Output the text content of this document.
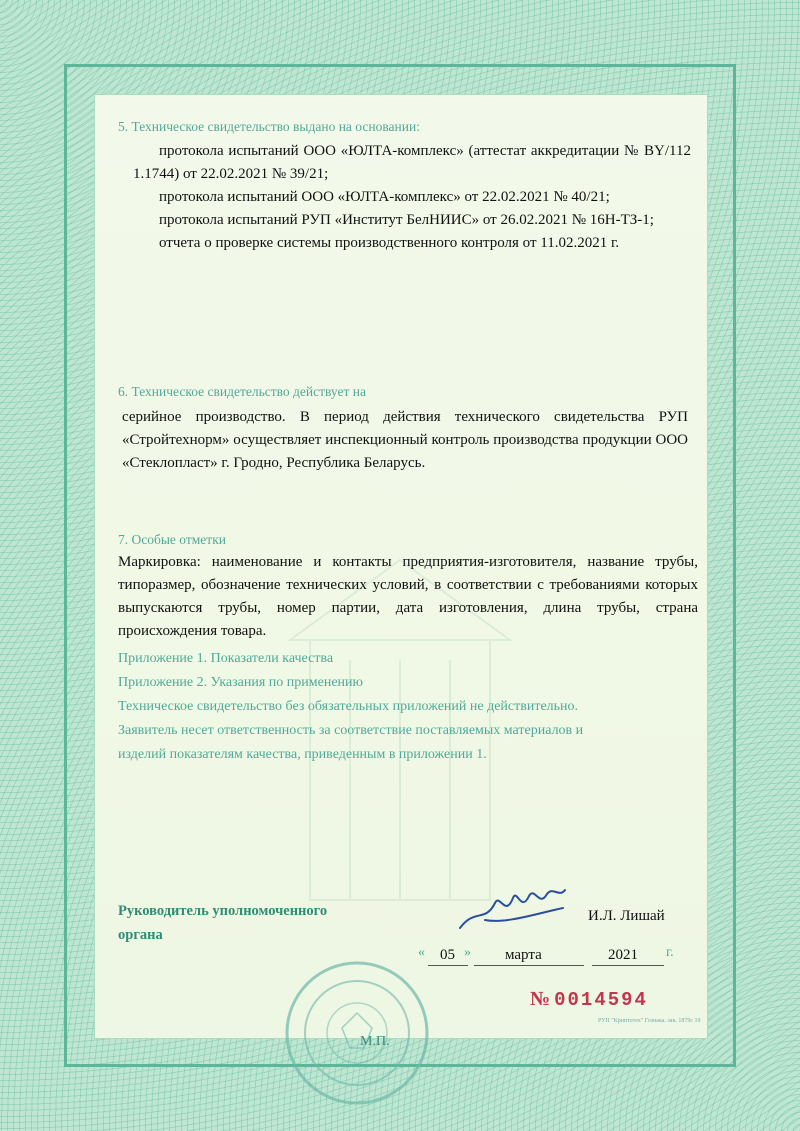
5. Техническое свидетельство выдано на основании:
протокола испытаний ООО «ЮЛТА-комплекс» (аттестат аккредитации № BY/112 1.1744) от 22.02.2021 № 39/21;
протокола испытаний ООО «ЮЛТА-комплекс» от 22.02.2021 № 40/21;
протокола испытаний РУП «Институт БелНИИС» от 26.02.2021 № 16Н-ТЗ-1;
отчета о проверке системы производственного контроля от 11.02.2021 г.
6. Техническое свидетельство действует на
серийное производство. В период действия технического свидетельства РУП «Стройтехнорм» осуществляет инспекционный контроль производства продукции ООО «Стеклопласт» г. Гродно, Республика Беларусь.
7. Особые отметки
Маркировка: наименование и контакты предприятия-изготовителя, название трубы, типоразмер, обозначение технических условий, в соответствии с требованиями которых выпускаются трубы, номер партии, дата изготовления, длина трубы, страна происхождения товара.

Приложение 1. Показатели качества

Приложение 2. Указания по применению

Техническое свидетельство без обязательных приложений не действительно.

Заявитель несет ответственность за соответствие поставляемых материалов и

изделий показателям качества, приведенным в приложении 1.

Руководитель уполномоченного
органа
И.Л. Лишай
« 05 » марта	2021 г.
№ 0014594
РУП "Криптотех" Гознака. зак. 1879с 19
М.П.
